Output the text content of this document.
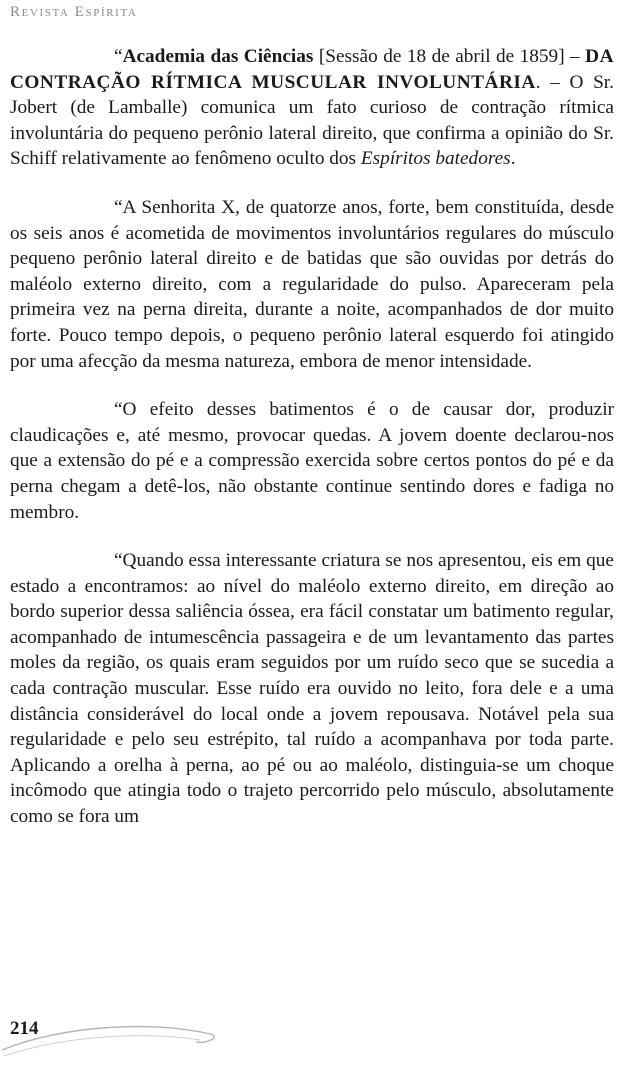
Revista Espírita

“Academia das Ciências [Sessão de 18 de abril de 1859] – DA CONTRAÇÃO RÍTMICA MUSCULAR INVOLUNTÁRIA. – O Sr. Jobert (de Lamballe) comunica um fato curioso de contração rítmica involuntária do pequeno perônio lateral direito, que confirma a opinião do Sr. Schiff relativamente ao fenômeno oculto dos Espíritos batedores.

“A Senhorita X, de quatorze anos, forte, bem constituída, desde os seis anos é acometida de movimentos involuntários regulares do músculo pequeno perônio lateral direito e de batidas que são ouvidas por detrás do maléolo externo direito, com a regularidade do pulso. Apareceram pela primeira vez na perna direita, durante a noite, acompanhados de dor muito forte. Pouco tempo depois, o pequeno perônio lateral esquerdo foi atingido por uma afecção da mesma natureza, embora de menor intensidade.

“O efeito desses batimentos é o de causar dor, produzir claudicações e, até mesmo, provocar quedas. A jovem doente declarou-nos que a extensão do pé e a compressão exercida sobre certos pontos do pé e da perna chegam a detê-los, não obstante continue sentindo dores e fadiga no membro.

“Quando essa interessante criatura se nos apresentou, eis em que estado a encontramos: ao nível do maléolo externo direito, em direção ao bordo superior dessa saliência óssea, era fácil constatar um batimento regular, acompanhado de intumescência passageira e de um levantamento das partes moles da região, os quais eram seguidos por um ruído seco que se sucedia a cada contração muscular. Esse ruído era ouvido no leito, fora dele e a uma distância considerável do local onde a jovem repousava. Notável pela sua regularidade e pelo seu estrépito, tal ruído a acompanhava por toda parte. Aplicando a orelha à perna, ao pé ou ao maléolo, distinguia-se um choque incômodo que atingia todo o trajeto percorrido pelo músculo, absolutamente como se fora um

214
